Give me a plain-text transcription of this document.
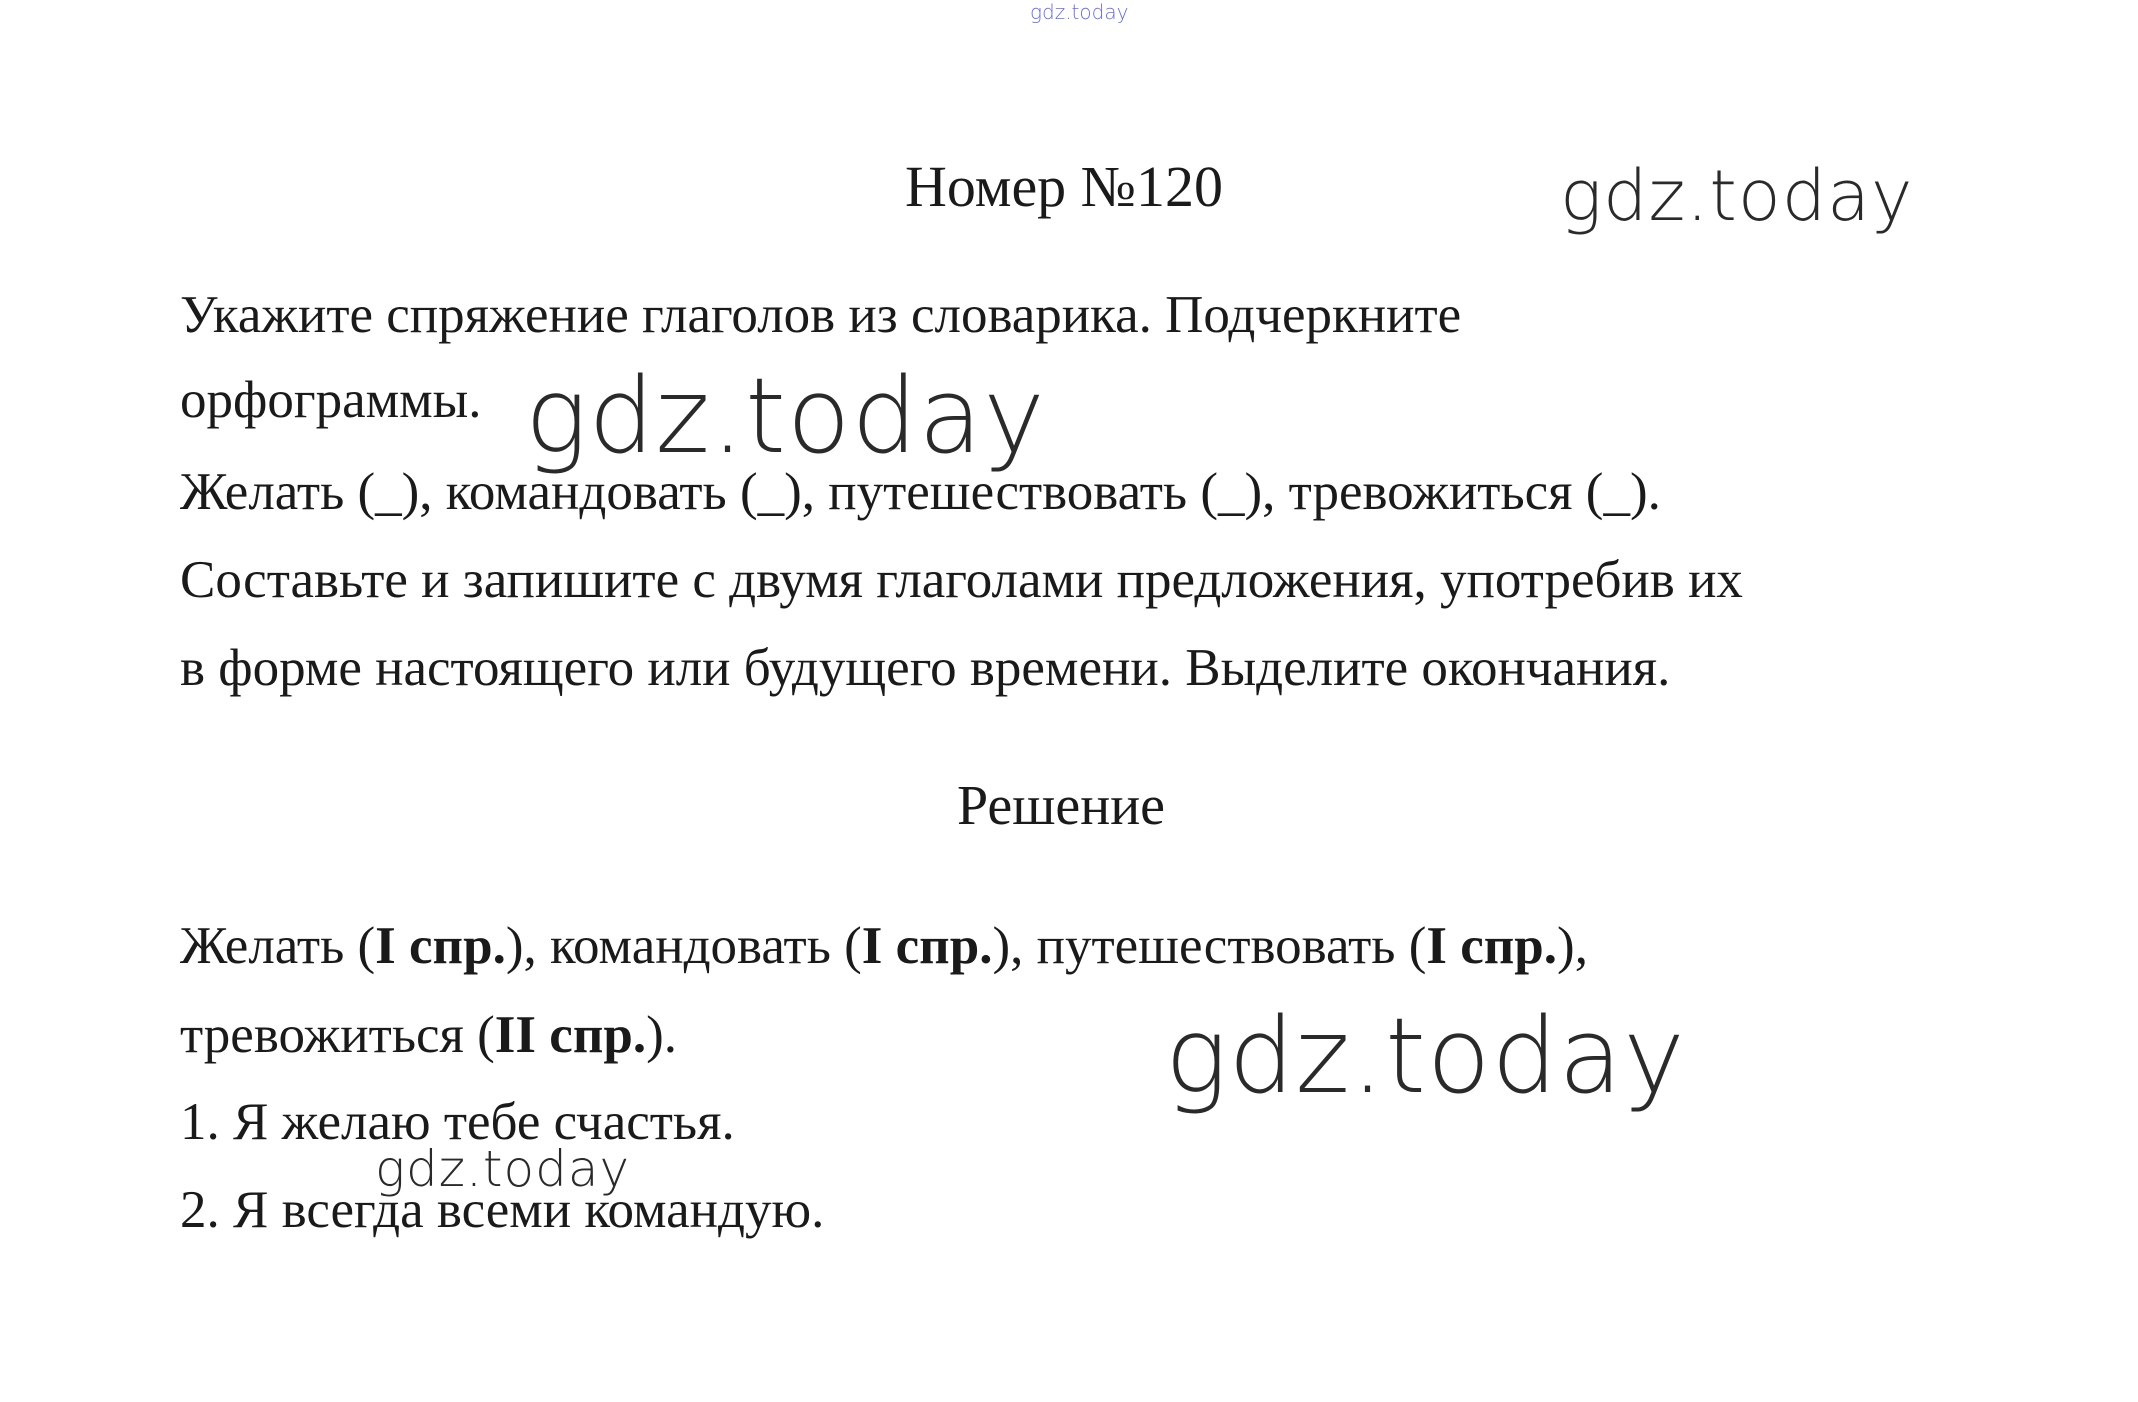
gdz.today
gdz.today
gdz.today
gdz.today
gdz.today
Номер №120
Укажите спряжение глаголов из словарика. Подчеркните
орфограммы.
Желать (_), командовать (_), путешествовать (_), тревожиться (_).
Составьте и запишите с двумя глаголами предложения, употребив их
в форме настоящего или будущего времени. Выделите окончания.
Решение
Желать (I спр.), командовать (I спр.), путешествовать (I спр.),
тревожиться (II спр.).
1. Я желаю тебе счастья.
2. Я всегда всеми командую.
